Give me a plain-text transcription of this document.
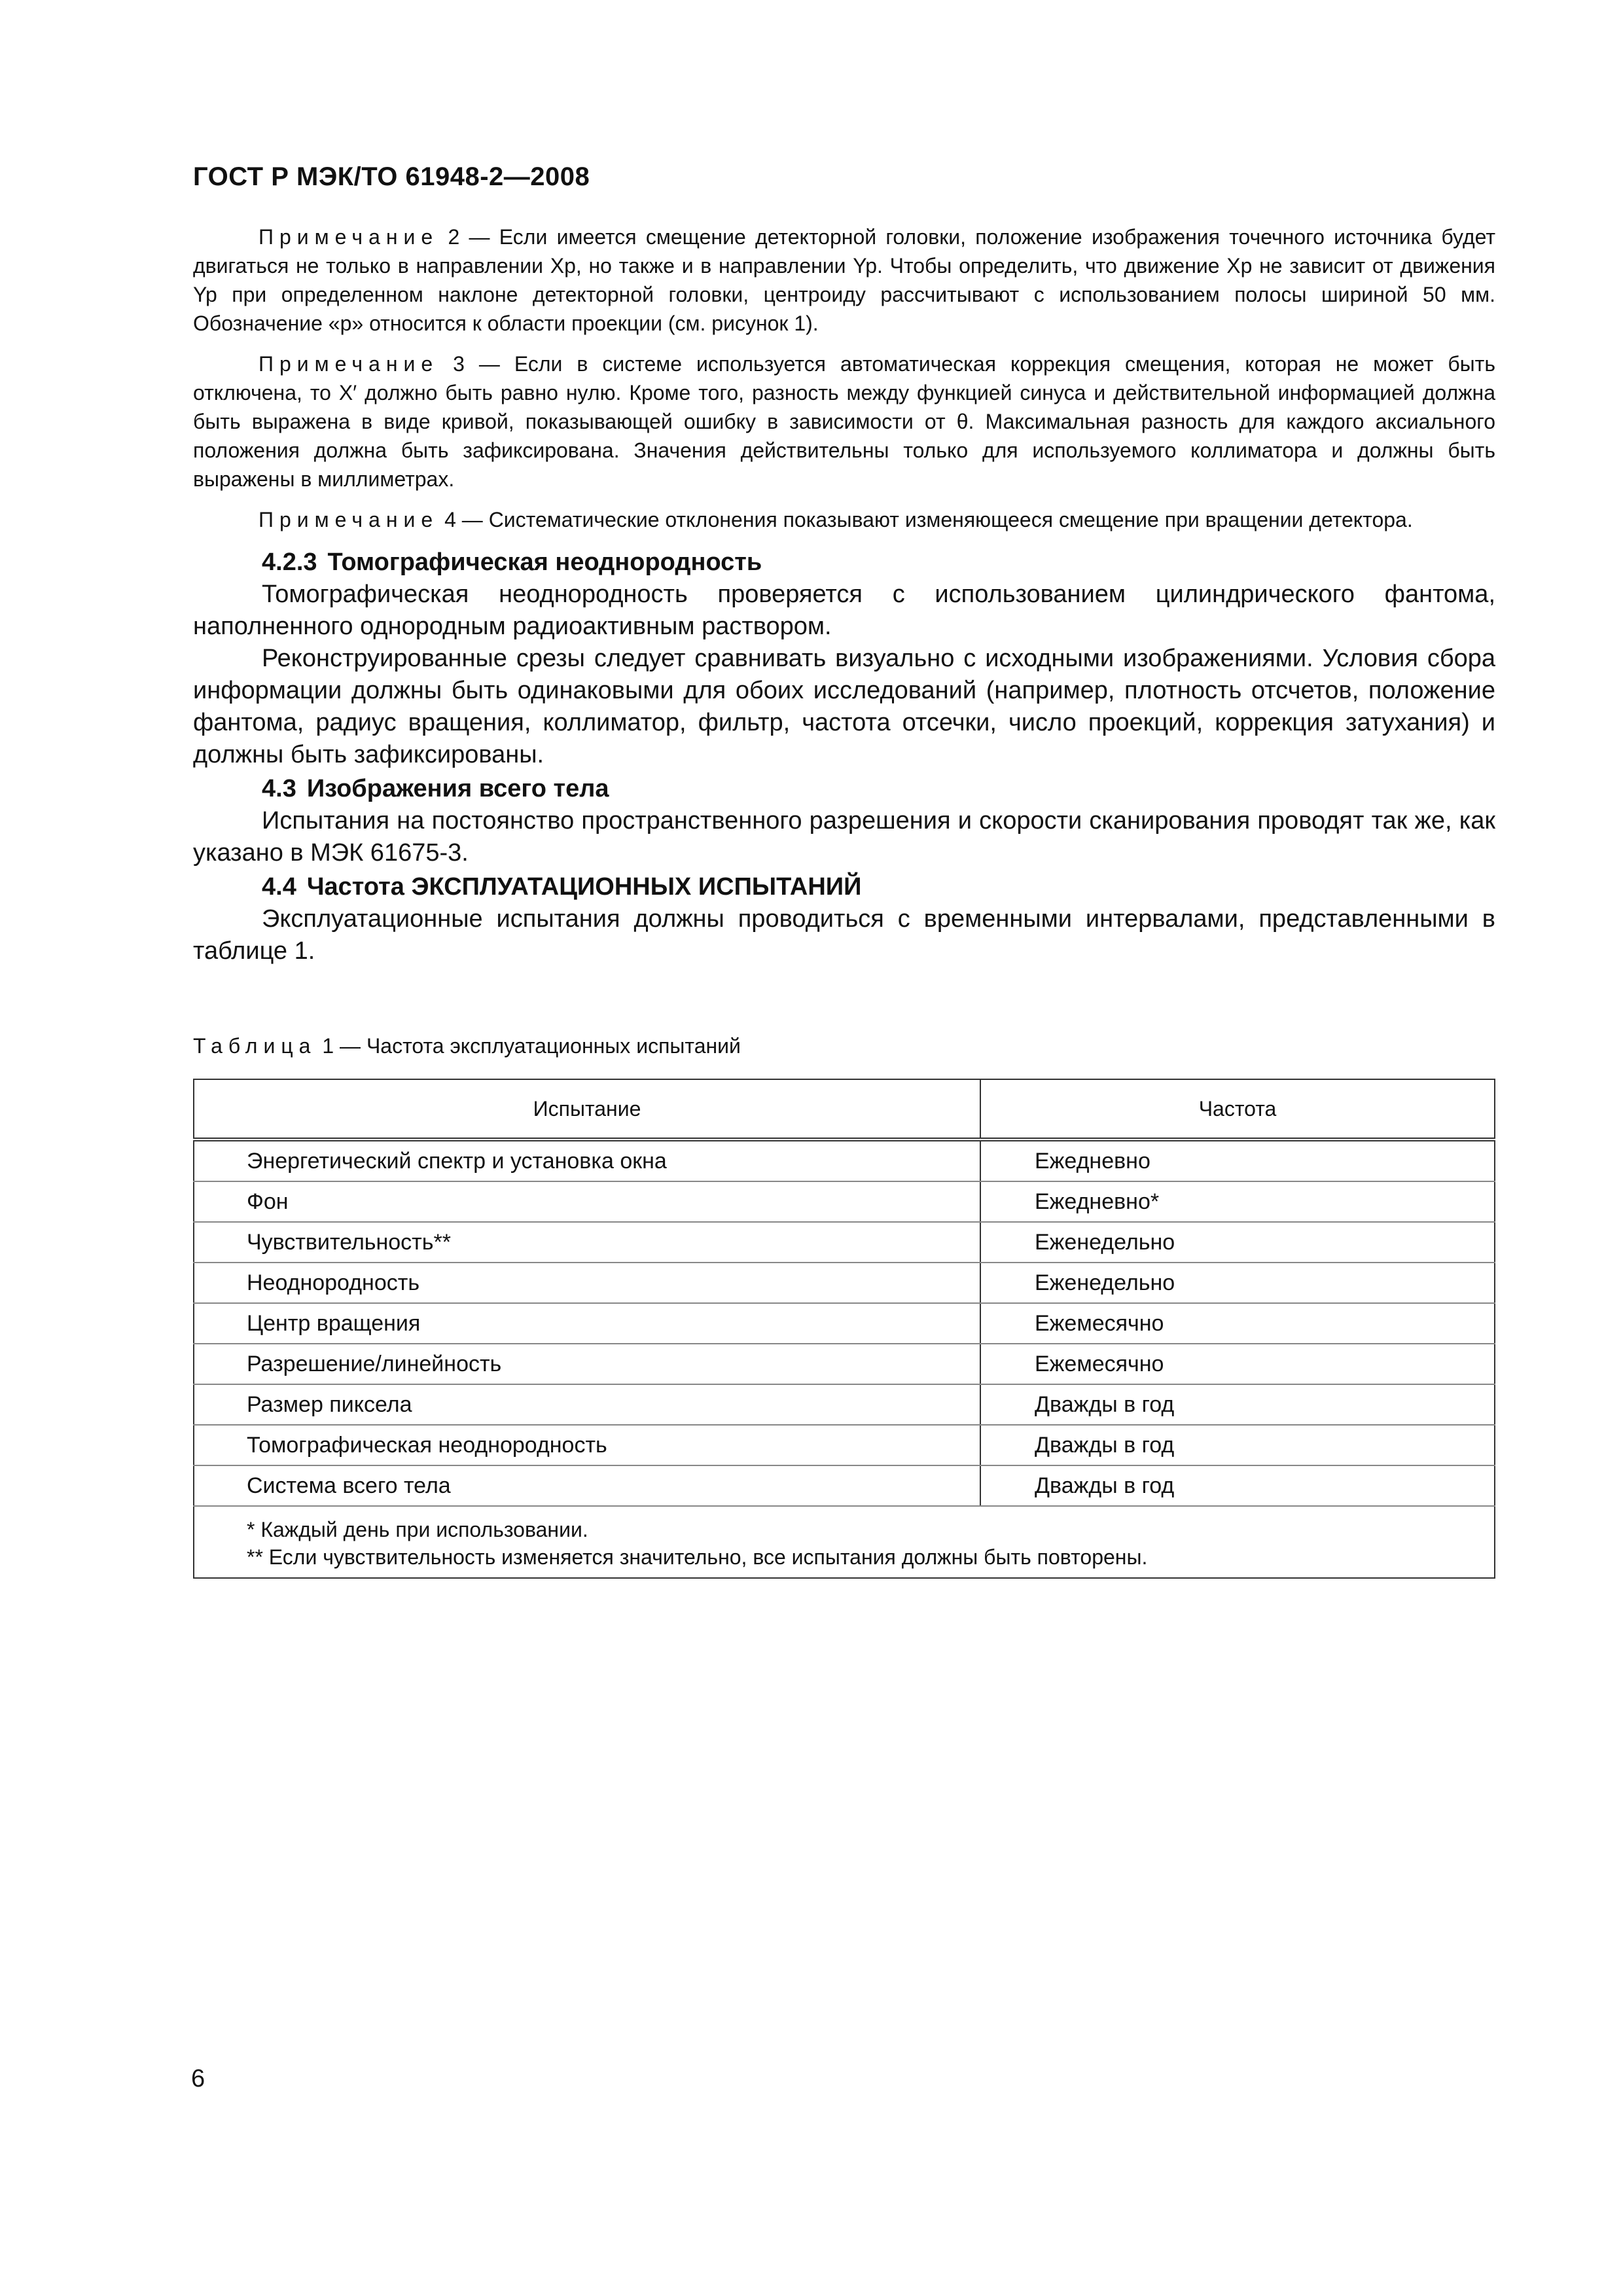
ГОСТ Р МЭК/ТО 61948-2—2008

Примечание 2 — Если имеется смещение детекторной головки, положение изображения точечного источника будет двигаться не только в направлении Xp, но также и в направлении Yp. Чтобы определить, что движение Xp не зависит от движения Yp при определенном наклоне детекторной головки, центроиду рассчитывают с использованием полосы шириной 50 мм. Обозначение «р» относится к области проекции (см. рисунок 1).

Примечание 3 — Если в системе используется автоматическая коррекция смещения, которая не может быть отключена, то X′ должно быть равно нулю. Кроме того, разность между функцией синуса и действительной информацией должна быть выражена в виде кривой, показывающей ошибку в зависимости от θ. Максимальная разность для каждого аксиального положения должна быть зафиксирована. Значения действительны только для используемого коллиматора и должны быть выражены в миллиметрах.

Примечание 4 — Систематические отклонения показывают изменяющееся смещение при вращении детектора.

4.2.3 Томографическая неоднородность

Томографическая неоднородность проверяется с использованием цилиндрического фантома, наполненного однородным радиоактивным раствором.

Реконструированные срезы следует сравнивать визуально с исходными изображениями. Условия сбора информации должны быть одинаковыми для обоих исследований (например, плотность отсчетов, положение фантома, радиус вращения, коллиматор, фильтр, частота отсечки, число проекций, коррекция затухания) и должны быть зафиксированы.

4.3 Изображения всего тела

Испытания на постоянство пространственного разрешения и скорости сканирования проводят так же, как указано в МЭК 61675-3.

4.4 Частота ЭКСПЛУАТАЦИОННЫХ ИСПЫТАНИЙ

Эксплуатационные испытания должны проводиться с временными интервалами, представленными в таблице 1.

Таблица 1 — Частота эксплуатационных испытаний
Испытание	Частота
Энергетический спектр и установка окна	Ежедневно
Фон	Ежедневно*
Чувствительность**	Еженедельно
Неоднородность	Еженедельно
Центр вращения	Ежемесячно
Разрешение/линейность	Ежемесячно
Размер пиксела	Дважды в год
Томографическая неоднородность	Дважды в год
Система всего тела	Дважды в год

* Каждый день при использовании.
** Если чувствительность изменяется значительно, все испытания должны быть повторены.	
6
